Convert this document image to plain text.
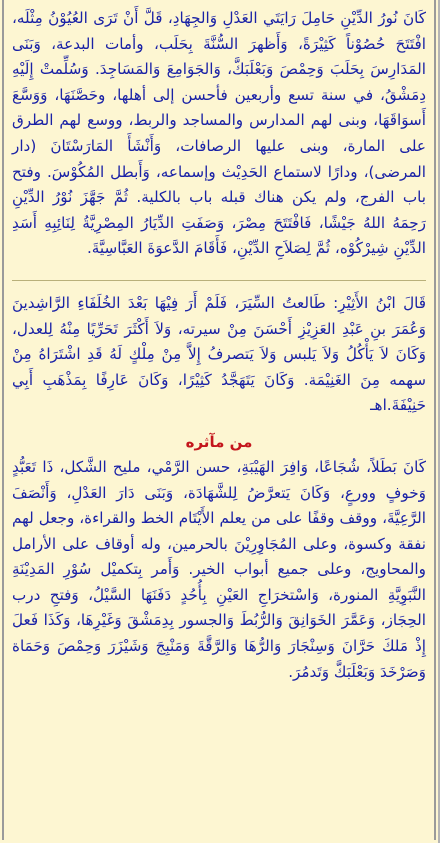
كَانَ نُورُ الدِّيْنِ حَامِلَ رَايَتَي العَدْلِ وَالجِهَادِ، قَلَّ أَنْ تَرَى العُيُوْنُ مِثْلَه، افْتَتَحَ حُصُوْناً كَثِيْرَةً، وَأَظهرَ السُّنَّةَ بِحَلَب، وأمات البدعة، وَبَنَى المَدَارِسَ بِحَلَبَ وَحِمْصَ وَبَعْلَبَكَّ، وَالجَوَامِعَ وَالمَسَاجِدَ. وَسُلِّمتْ إِلَيْهِ دِمَشْقُ، في سنة تسع وأربعين فأحسن إلى أهلها، وحَصَّنَهَا، وَوَسَّعَ أَسوَاقَهَا، وبنى لهم المدارس والمساجد والربط، ووسع لهم الطرق على المارة، وبنى عليها الرصافات، وَأَنْشَأَ المَارَسْتَانَ (دار المرضى)، ودارًا لاستماع الحَدِيْث وإسماعه، وَأَبطل المُكُوْسَ. وفتح باب الفرج، ولم يكن هناك قبله باب بالكلية. ثُمَّ جَهَّزَ نُوْرُ الدِّيْنِ رَحِمَهُ اللهُ جَيْشًا، فَافْتَتَحَ مِصْرَ، وَصَفَتِ الدِّيَارُ المِصْرِيَّةُ لِنَائِبِهِ أَسَدِ الدِّيْنِ شِيرْكُوْه، ثُمَّ لِصَلاَحِ الدِّيْنِ، فَأَقَامَ الدَّعوَةَ العَبَّاسِيَّةَ.

قَالَ ابْنُ الأَثِيْرِ: طَالعتُ السِّيَرَ، فَلَمْ أَرَ فِيْهَا بَعْدَ الخُلَفَاءِ الرَّاشِدينَ وَعُمَرَ بنِ عَبْدِ العَزِيْزِ أَحْسَنَ مِنْ سيرته، وَلاَ أَكْثَرَ تَحَرِّيًا مِنْهُ لِلعدل، وَكَانَ لاَ يَأْكُلُ وَلاَ يَلبس وَلاَ يَتصرفُ إِلاَّ مِنْ مِلْكٍ لَهُ قَدِ اشْتَرَاهُ مِنْ سهمه مِنَ الغَنِيْمَة. وَكَانَ يَتَهَجَّدُ كَثِيْرًا، وَكَانَ عَارِفًا بِمَذْهَبِ أَبِي حَنِيْفَةَ.اهـ

من مآثره

كَانَ بَطَلاً، شُجَاعًا، وَافِرَ الهَيْبَةِ، حسن الرَّمْي، مليح الشَّكل، ذَا تَعَبُّدٍ وَخوفٍ وورعٍ، وَكَانَ يَتعرَّضُ لِلشَّهَادَة، وَبَنَى دَارَ العَدْلِ، وَأَنْصَفَ الرَّعِيَّةَ، ووقف وقفًا على من يعلم الأَيْتَام الخط والقراءة، وجعل لهم نفقة وكسوة، وعلى المُجَاوِرِيْنَ بالحرمين، وله أوقاف على الأرامل والمحاويج، وعلى جميع أبواب الخير. وَأَمر بِتكميْل سُوْرِ المَدِيْنَةِ النَّبَوِيَّةِ المنورة، وَاسْتخرَاجِ العَيْنِ بِأُحُدٍ دَفَنَهَا السَّيْلُ، وَفتحِ درب الحِجَاز، وَعَمَّرَ الخَوَانِقَ وَالرُّبُطَ وَالجسور بِدِمَشْقَ وَغَيْرِهَا، وَكَذَا فَعلَ إِذْ مَلكَ حَرَّانَ وَسِنْجَارَ وَالرُّهَا وَالرَّقَّةَ وَمَنْبِجَ وَشَيْزَرَ وَحِمْصَ وَحَمَاة وَصَرْخَدَ وَبَعْلَبَكَّ وَتَدمُرَ.
